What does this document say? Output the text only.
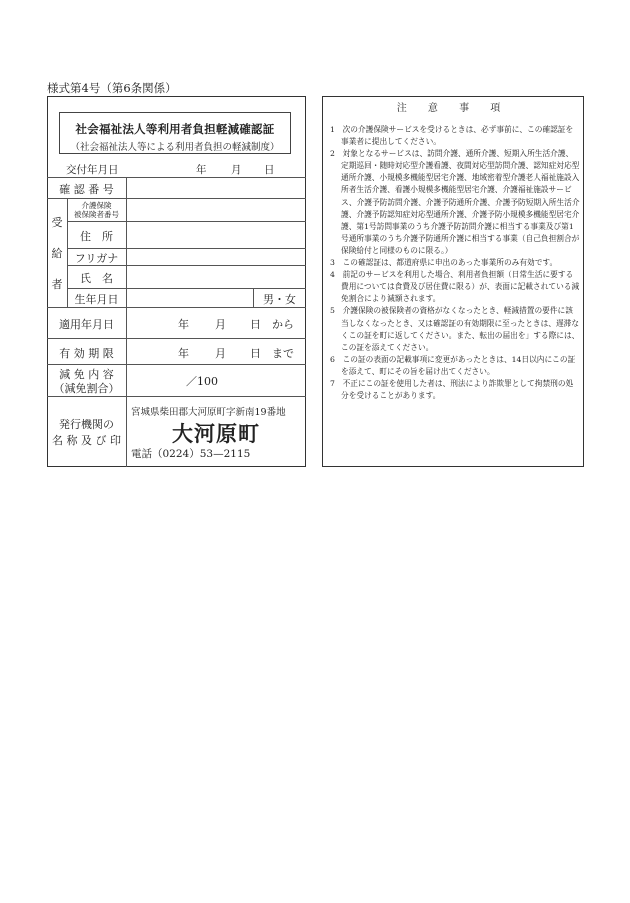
様式第4号（第6条関係）
社会福祉法人等利用者負担軽減確認証
（社会福祉法人等による利用者負担の軽減制度）
交付年月日	年 月 日
確 認 番 号
受
給
者
介護保険
被保険者番号
住　所
フリガナ
氏　名
生年月日	男・女
適用年月日	年 月 日 から
有 効 期 限	年 月 日 まで
減 免 内 容
（減免割合）
／100
発行機関の
名 称 及 び 印
宮城県柴田郡大河原町字新南19番地
大河原町
電話（0224）53—2115
注 意 事 項

1　次の介護保険サービスを受けるときは、必ず事前に、この確認証を事業者に提出してください。

2　対象となるサービスは、訪問介護、通所介護、短期入所生活介護、定期巡回・随時対応型介護看護、夜間対応型訪問介護、認知症対応型通所介護、小規模多機能型居宅介護、地域密着型介護老人福祉施設入所者生活介護、看護小規模多機能型居宅介護、介護福祉施設サービス、介護予防訪問介護、介護予防通所介護、介護予防短期入所生活介護、介護予防認知症対応型通所介護、介護予防小規模多機能型居宅介護、第1号訪問事業のうち介護予防訪問介護に相当する事業及び第1号通所事業のうち介護予防通所介護に相当する事業（自己負担割合が保険給付と同様のものに限る。）

3　この確認証は、都道府県に申出のあった事業所のみ有効です。

4　前記のサービスを利用した場合、利用者負担額（日常生活に要する費用については食費及び居住費に限る）が、表面に記載されている減免割合により減額されます。

5　介護保険の被保険者の資格がなくなったとき、軽減措置の要件に該当しなくなったとき、又は確認証の有効期限に至ったときは、遅滞なくこの証を町に返してください。また、転出の届出を」する際には、この証を添えてください。

6　この証の表面の記載事項に変更があったときは、14日以内にこの証を添えて、町にその旨を届け出てください。

7　不正にこの証を使用した者は、刑法により詐欺罪として拘禁刑の処分を受けることがあります。
